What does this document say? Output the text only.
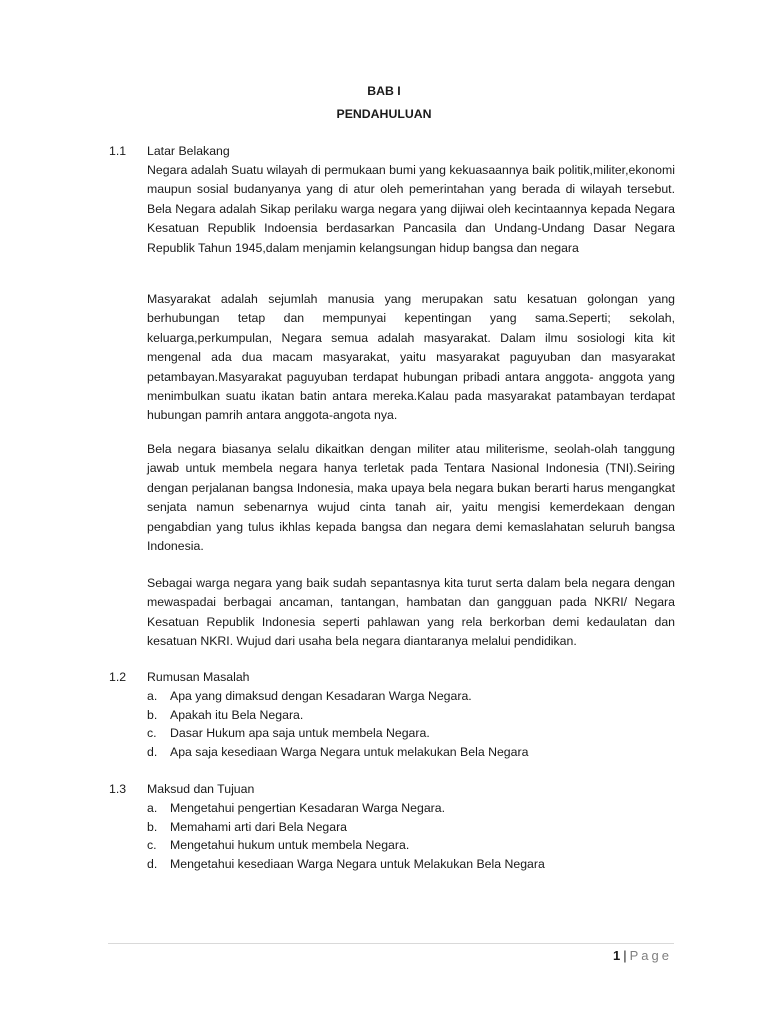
BAB I
PENDAHULUAN
1.1 Latar Belakang

Negara adalah Suatu wilayah di permukaan bumi yang kekuasaannya baik politik,militer,ekonomi maupun sosial budanyanya yang di atur oleh pemerintahan yang berada di wilayah tersebut. Bela Negara adalah Sikap perilaku warga negara yang dijiwai oleh kecintaannya kepada Negara Kesatuan Republik Indoensia berdasarkan Pancasila dan Undang-Undang Dasar Negara Republik Tahun 1945,dalam menjamin kelangsungan hidup bangsa dan negara

Masyarakat adalah sejumlah manusia yang merupakan satu kesatuan golongan yang berhubungan tetap dan mempunyai kepentingan yang sama.Seperti; sekolah, keluarga,perkumpulan, Negara semua adalah masyarakat. Dalam ilmu sosiologi kita kit mengenal ada dua macam masyarakat, yaitu masyarakat paguyuban dan masyarakat petambayan.Masyarakat paguyuban terdapat hubungan pribadi antara anggota- anggota yang menimbulkan suatu ikatan batin antara mereka.Kalau pada masyarakat patambayan terdapat hubungan pamrih antara anggota-angota nya.

Bela negara biasanya selalu dikaitkan dengan militer atau militerisme, seolah-olah tanggung jawab untuk membela negara hanya terletak pada Tentara Nasional Indonesia (TNI).Seiring dengan perjalanan bangsa Indonesia, maka upaya bela negara bukan berarti harus mengangkat senjata namun sebenarnya wujud cinta tanah air, yaitu mengisi kemerdekaan dengan pengabdian yang tulus ikhlas kepada bangsa dan negara demi kemaslahatan seluruh bangsa Indonesia.

Sebagai warga negara yang baik sudah sepantasnya kita turut serta dalam bela negara dengan mewaspadai berbagai ancaman, tantangan, hambatan dan gangguan pada NKRI/ Negara Kesatuan Republik Indonesia seperti pahlawan yang rela berkorban demi kedaulatan dan kesatuan NKRI. Wujud dari usaha bela negara diantaranya melalui pendidikan.

1.2 Rumusan Masalah
a. Apa yang dimaksud dengan Kesadaran Warga Negara.
b. Apakah itu Bela Negara.
c. Dasar Hukum apa saja untuk membela Negara.
d. Apa saja kesediaan Warga Negara untuk melakukan Bela Negara
1.3 Maksud dan Tujuan
a. Mengetahui pengertian Kesadaran Warga Negara.
b. Memahami arti dari Bela Negara
c. Mengetahui hukum untuk membela Negara.
d. Mengetahui kesediaan Warga Negara untuk Melakukan Bela Negara
1 | Page
